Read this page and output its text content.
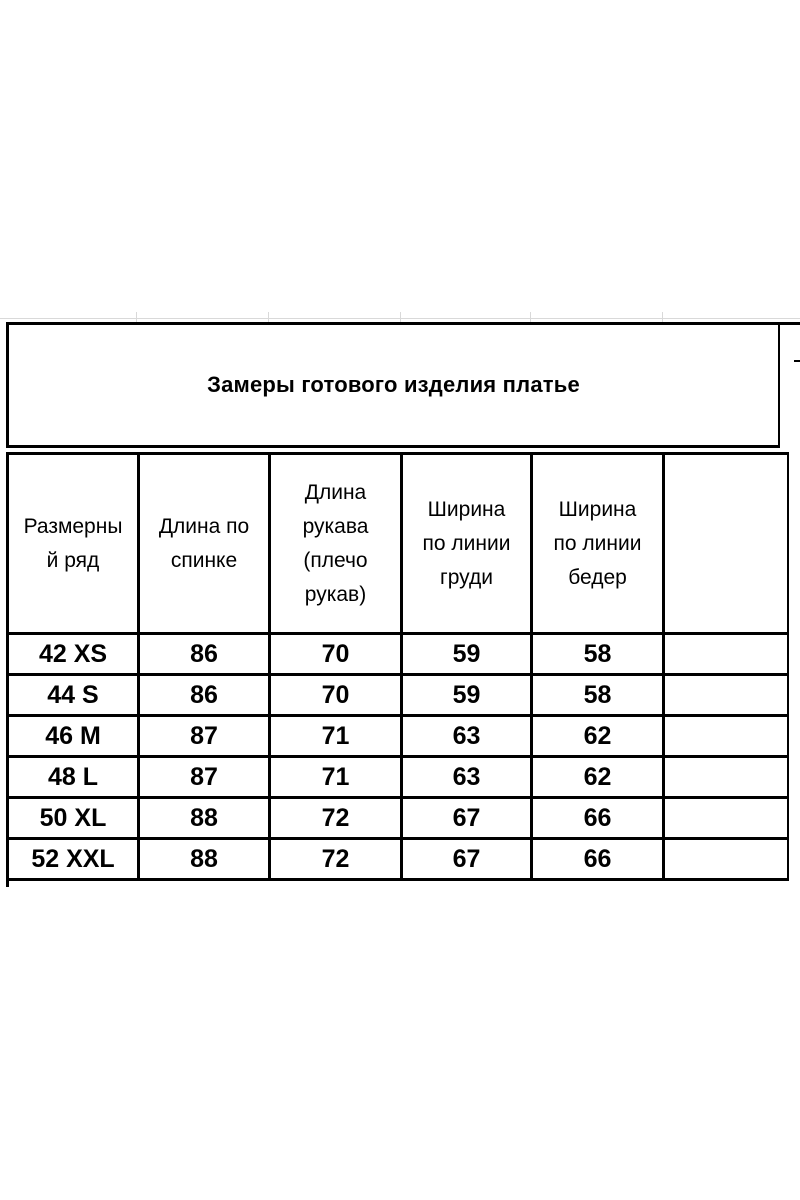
Замеры готового изделия платье
Размерны
й ряд	Длина по
спинке	Длина
рукава
(плечо
рукав)	Ширина
по линии
груди	Ширина
по линии
бедер	
42 XS	86	70	59	58	
44 S	86	70	59	58	
46 M	87	71	63	62	
48 L	87	71	63	62	
50 XL	88	72	67	66	
52 XXL	88	72	67	66	
